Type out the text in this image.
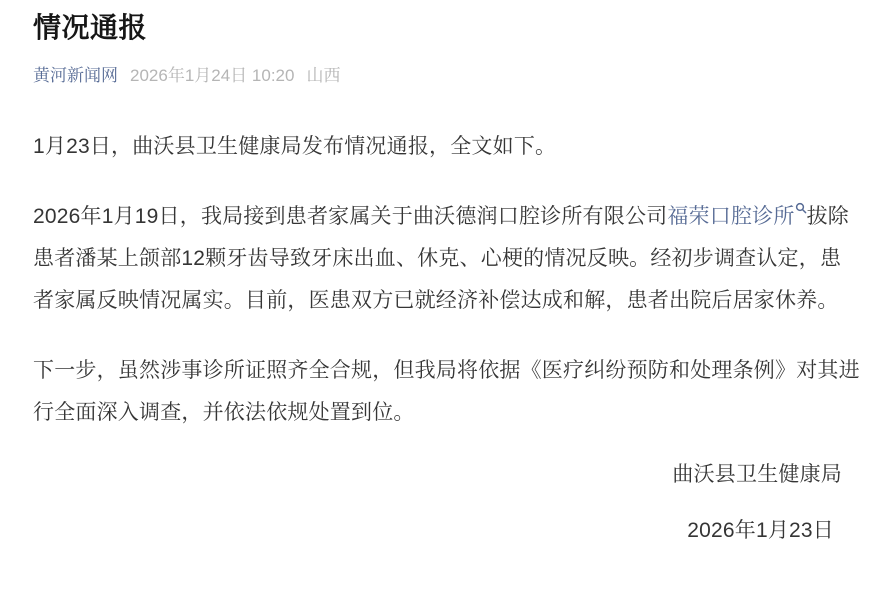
情况通报
黄河新闻网 2026年1月24日 10:20 山西

1月23日，曲沃县卫生健康局发布情况通报，全文如下。

2026年1月19日，我局接到患者家属关于曲沃德润口腔诊所有限公司福荣口腔诊所 拔除患者潘某上颌部12颗牙齿导致牙床出血、休克、心梗的情况反映。经初步调查认定，患者家属反映情况属实。目前，医患双方已就经济补偿达成和解，患者出院后居家休养。

下一步，虽然涉事诊所证照齐全合规，但我局将依据《医疗纠纷预防和处理条例》对其进行全面深入调查，并依法依规处置到位。

曲沃县卫生健康局
2026年1月23日
